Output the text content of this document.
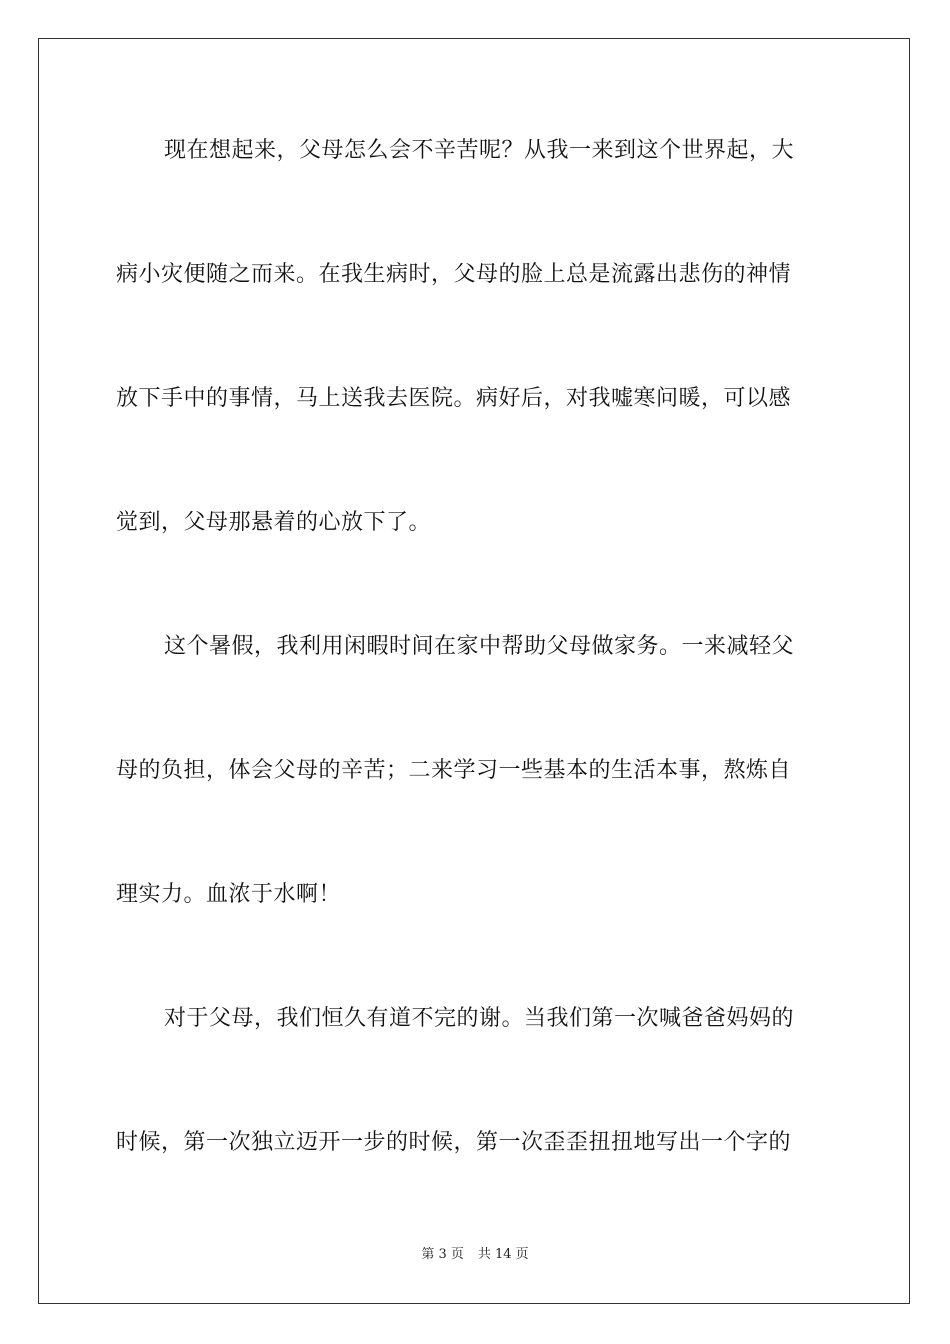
现在想起来，父母怎么会不辛苦呢？从我一来到这个世界起，大
病小灾便随之而来。在我生病时，父母的脸上总是流露出悲伤的神情
放下手中的事情，马上送我去医院。病好后，对我嘘寒问暖，可以感
觉到，父母那悬着的心放下了。
这个暑假，我利用闲暇时间在家中帮助父母做家务。一来减轻父
母的负担，体会父母的辛苦；二来学习一些基本的生活本事，熬炼自
理实力。血浓于水啊！
对于父母，我们恒久有道不完的谢。当我们第一次喊爸爸妈妈的
时候，第一次独立迈开一步的时候，第一次歪歪扭扭地写出一个字的
第 3 页 共 14 页
